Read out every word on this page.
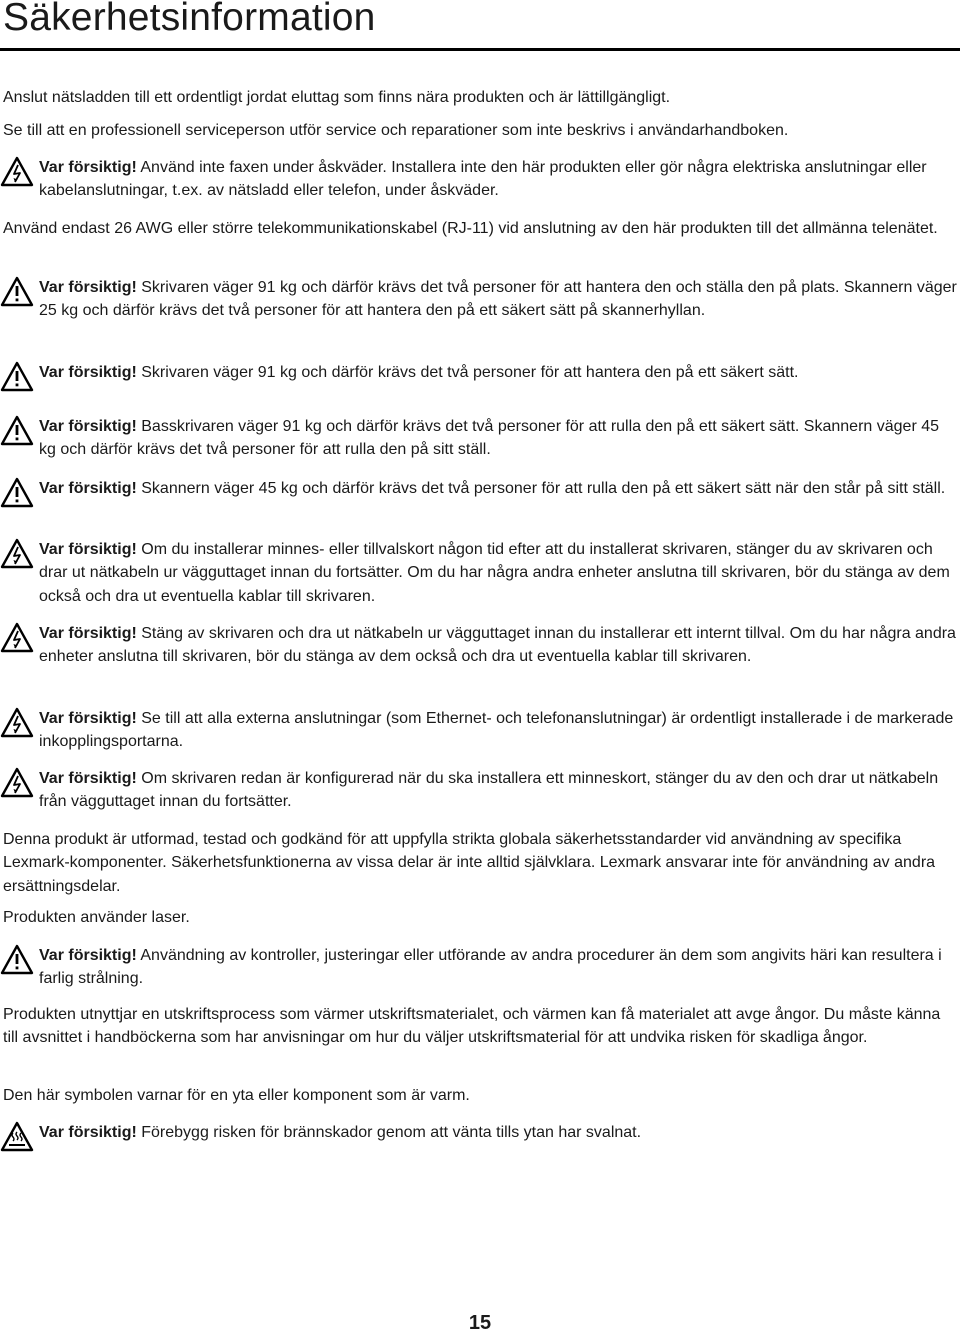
Säkerhetsinformation

Anslut nätsladden till ett ordentligt jordat eluttag som finns nära produkten och är lättillgängligt.

Se till att en professionell serviceperson utför service och reparationer som inte beskrivs i användarhandboken.

Var försiktig! Använd inte faxen under åskväder. Installera inte den här produkten eller gör några elektriska anslutningar eller kabelanslutningar, t.ex. av nätsladd eller telefon, under åskväder.

Använd endast 26 AWG eller större telekommunikationskabel (RJ-11) vid anslutning av den här produkten till det allmänna telenätet.

Var försiktig! Skrivaren väger 91 kg och därför krävs det två personer för att hantera den och ställa den på plats. Skannern väger 25 kg och därför krävs det två personer för att hantera den på ett säkert sätt på skannerhyllan.
Var försiktig! Skrivaren väger 91 kg och därför krävs det två personer för att hantera den på ett säkert sätt.
Var försiktig! Basskrivaren väger 91 kg och därför krävs det två personer för att rulla den på ett säkert sätt. Skannern väger 45 kg och därför krävs det två personer för att rulla den på sitt ställ.
Var försiktig! Skannern väger 45 kg och därför krävs det två personer för att rulla den på ett säkert sätt när den står på sitt ställ.
Var försiktig! Om du installerar minnes- eller tillvalskort någon tid efter att du installerat skrivaren, stänger du av skrivaren och drar ut nätkabeln ur vägguttaget innan du fortsätter. Om du har några andra enheter anslutna till skrivaren, bör du stänga av dem också och dra ut eventuella kablar till skrivaren.
Var försiktig! Stäng av skrivaren och dra ut nätkabeln ur vägguttaget innan du installerar ett internt tillval. Om du har några andra enheter anslutna till skrivaren, bör du stänga av dem också och dra ut eventuella kablar till skrivaren.
Var försiktig! Se till att alla externa anslutningar (som Ethernet- och telefonanslutningar) är ordentligt installerade i de markerade inkopplingsportarna.
Var försiktig! Om skrivaren redan är konfigurerad när du ska installera ett minneskort, stänger du av den och drar ut nätkabeln från vägguttaget innan du fortsätter.

Denna produkt är utformad, testad och godkänd för att uppfylla strikta globala säkerhetsstandarder vid användning av specifika Lexmark-komponenter. Säkerhetsfunktionerna av vissa delar är inte alltid självklara. Lexmark ansvarar inte för användning av andra ersättningsdelar.

Produkten använder laser.

Var försiktig! Användning av kontroller, justeringar eller utförande av andra procedurer än dem som angivits häri kan resultera i farlig strålning.

Produkten utnyttjar en utskriftsprocess som värmer utskriftsmaterialet, och värmen kan få materialet att avge ångor. Du måste känna till avsnittet i handböckerna som har anvisningar om hur du väljer utskriftsmaterial för att undvika risken för skadliga ångor.

Den här symbolen varnar för en yta eller komponent som är varm.

Var försiktig! Förebygg risken för brännskador genom att vänta tills ytan har svalnat.
15
